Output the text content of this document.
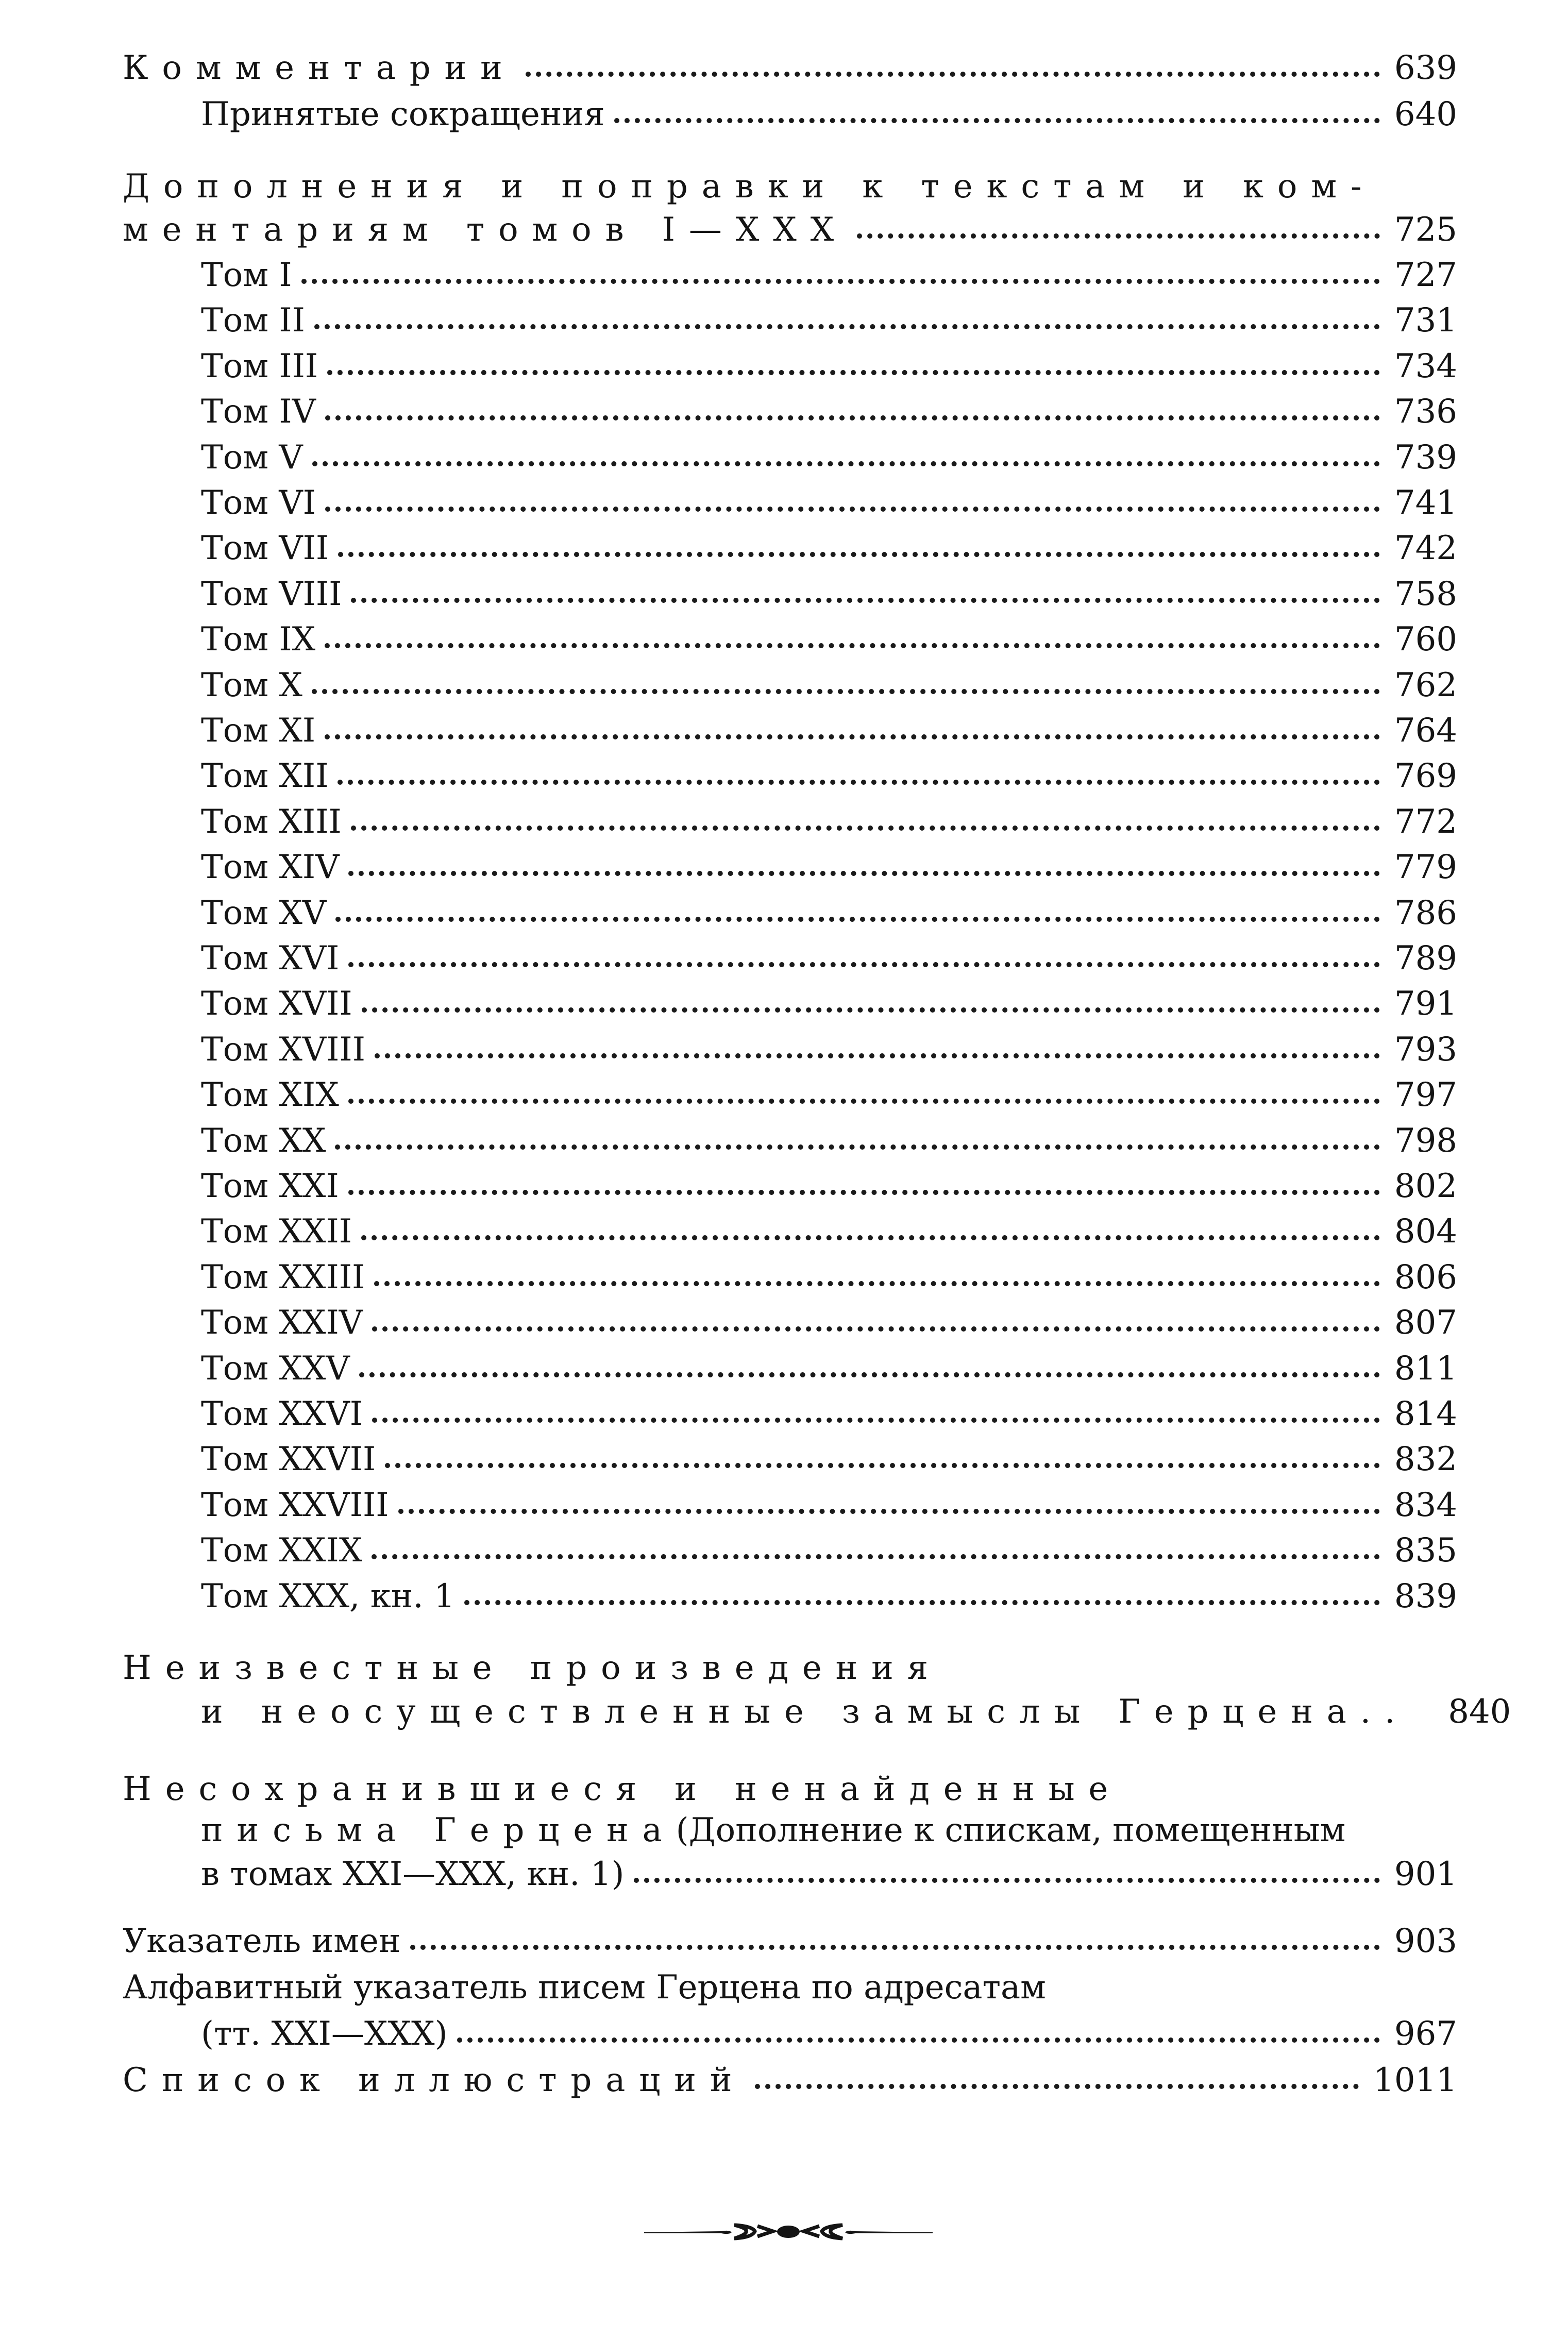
Комментарии	639
Принятые сокращения	640
Дополнения и поправки к текстам и ком-
ментариям томов I—XXX	725
Том I	727
Том II	731
Том III	734
Том IV	736
Том V	739
Том VI	741
Том VII	742
Том VIII	758
Том IX	760
Том X	762
Том XI	764
Том XII	769
Том XIII	772
Том XIV	779
Том XV	786
Том XVI	789
Том XVII	791
Том XVIII	793
Том XIX	797
Том XX	798
Том XXI	802
Том XXII	804
Том XXIII	806
Том XXIV	807
Том XXV	811
Том XXVI	814
Том XXVII	832
Том XXVIII	834
Том XXIX	835
Том XXX, кн. 1	839
Неизвестные произведения
и неосуществленные замыслы Герцена.. 840
Несохранившиеся и ненайденные
письма Герцена (Дополнение к спискам, помещенным
в томах XXI—XXX, кн. 1)	901
Указатель имен	903
Алфавитный указатель писем Герцена по адресатам
(тт. XXI—XXX)	967
Список иллюстраций	1011
